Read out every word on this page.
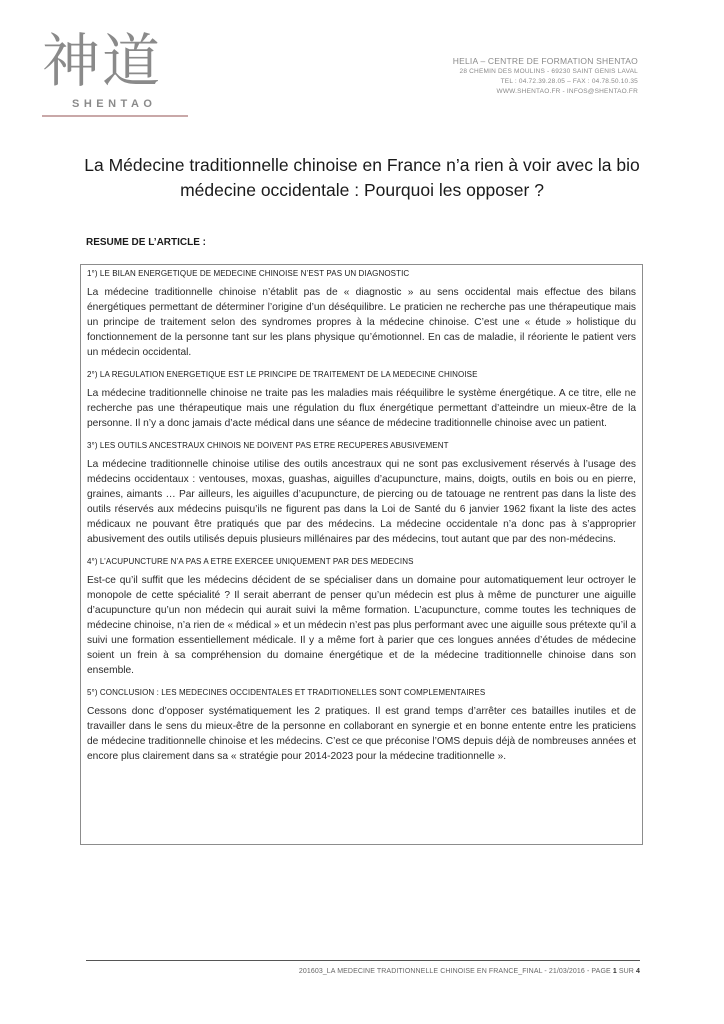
神道
SHENTAO
HELIA – CENTRE DE FORMATION SHENTAO
28 CHEMIN DES MOULINS - 69230 SAINT GENIS LAVAL
TEL : 04.72.39.28.05 – FAX : 04.78.50.10.35
WWW.SHENTAO.FR - INFOS@SHENTAO.FR
La Médecine traditionnelle chinoise en France n’a rien à voir avec la bio
médecine occidentale : Pourquoi les opposer ?
RESUME DE L’ARTICLE :
1°) LE BILAN ENERGETIQUE DE MEDECINE CHINOISE N’EST PAS UN DIAGNOSTIC
La médecine traditionnelle chinoise n’établit pas de « diagnostic » au sens occidental mais effectue des bilans énergétiques permettant de déterminer l’origine d’un déséquilibre. Le praticien ne recherche pas une thérapeutique mais un principe de traitement selon des syndromes propres à la médecine chinoise. C’est une « étude » holistique du fonctionnement de la personne tant sur les plans physique qu’émotionnel. En cas de maladie, il réoriente le patient vers un médecin occidental.
2°) LA REGULATION ENERGETIQUE EST LE PRINCIPE DE TRAITEMENT DE LA MEDECINE CHINOISE
La médecine traditionnelle chinoise ne traite pas les maladies mais rééquilibre le système énergétique. A ce titre, elle ne recherche pas une thérapeutique mais une régulation du flux énergétique permettant d’atteindre un mieux-être de la personne. Il n’y a donc jamais d’acte médical dans une séance de médecine traditionnelle chinoise avec un patient.
3°) LES OUTILS ANCESTRAUX CHINOIS NE DOIVENT PAS ETRE RECUPERES ABUSIVEMENT
La médecine traditionnelle chinoise utilise des outils ancestraux qui ne sont pas exclusivement réservés à l’usage des médecins occidentaux : ventouses, moxas, guashas, aiguilles d’acupuncture, mains, doigts, outils en bois ou en pierre, graines, aimants … Par ailleurs, les aiguilles d’acupuncture, de piercing ou de tatouage ne rentrent pas dans la liste des outils réservés aux médecins puisqu’ils ne figurent pas dans la Loi de Santé du 6 janvier 1962 fixant la liste des actes médicaux ne pouvant être pratiqués que par des médecins. La médecine occidentale n’a donc pas à s’approprier abusivement des outils utilisés depuis plusieurs millénaires par des médecins, tout autant que par des non-médecins.
4°) L’ACUPUNCTURE N’A PAS A ETRE EXERCEE UNIQUEMENT PAR DES MEDECINS
Est-ce qu’il suffit que les médecins décident de se spécialiser dans un domaine pour automatiquement leur octroyer le monopole de cette spécialité ? Il serait aberrant de penser qu’un médecin est plus à même de puncturer une aiguille d’acupuncture qu’un non médecin qui aurait suivi la même formation. L’acupuncture, comme toutes les techniques de médecine chinoise, n’a rien de « médical » et un médecin n’est pas plus performant avec une aiguille sous prétexte qu’il a suivi une formation essentiellement médicale. Il y a même fort à parier que ces longues années d’études de médecine soient un frein à sa compréhension du domaine énergétique et de la médecine traditionnelle chinoise dans son ensemble.
5°) CONCLUSION : LES MEDECINES OCCIDENTALES ET TRADITIONELLES SONT COMPLEMENTAIRES
Cessons donc d’opposer systématiquement les 2 pratiques. Il est grand temps d’arrêter ces batailles inutiles et de travailler dans le sens du mieux-être de la personne en collaborant en synergie et en bonne entente entre les praticiens de médecine traditionnelle chinoise et les médecins. C’est ce que préconise l’OMS depuis déjà de nombreuses années et encore plus clairement dans sa « stratégie pour 2014-2023 pour la médecine traditionnelle ».
201603_LA MEDECINE TRADITIONNELLE CHINOISE EN FRANCE_FINAL - 21/03/2016 - PAGE 1 SUR 4
